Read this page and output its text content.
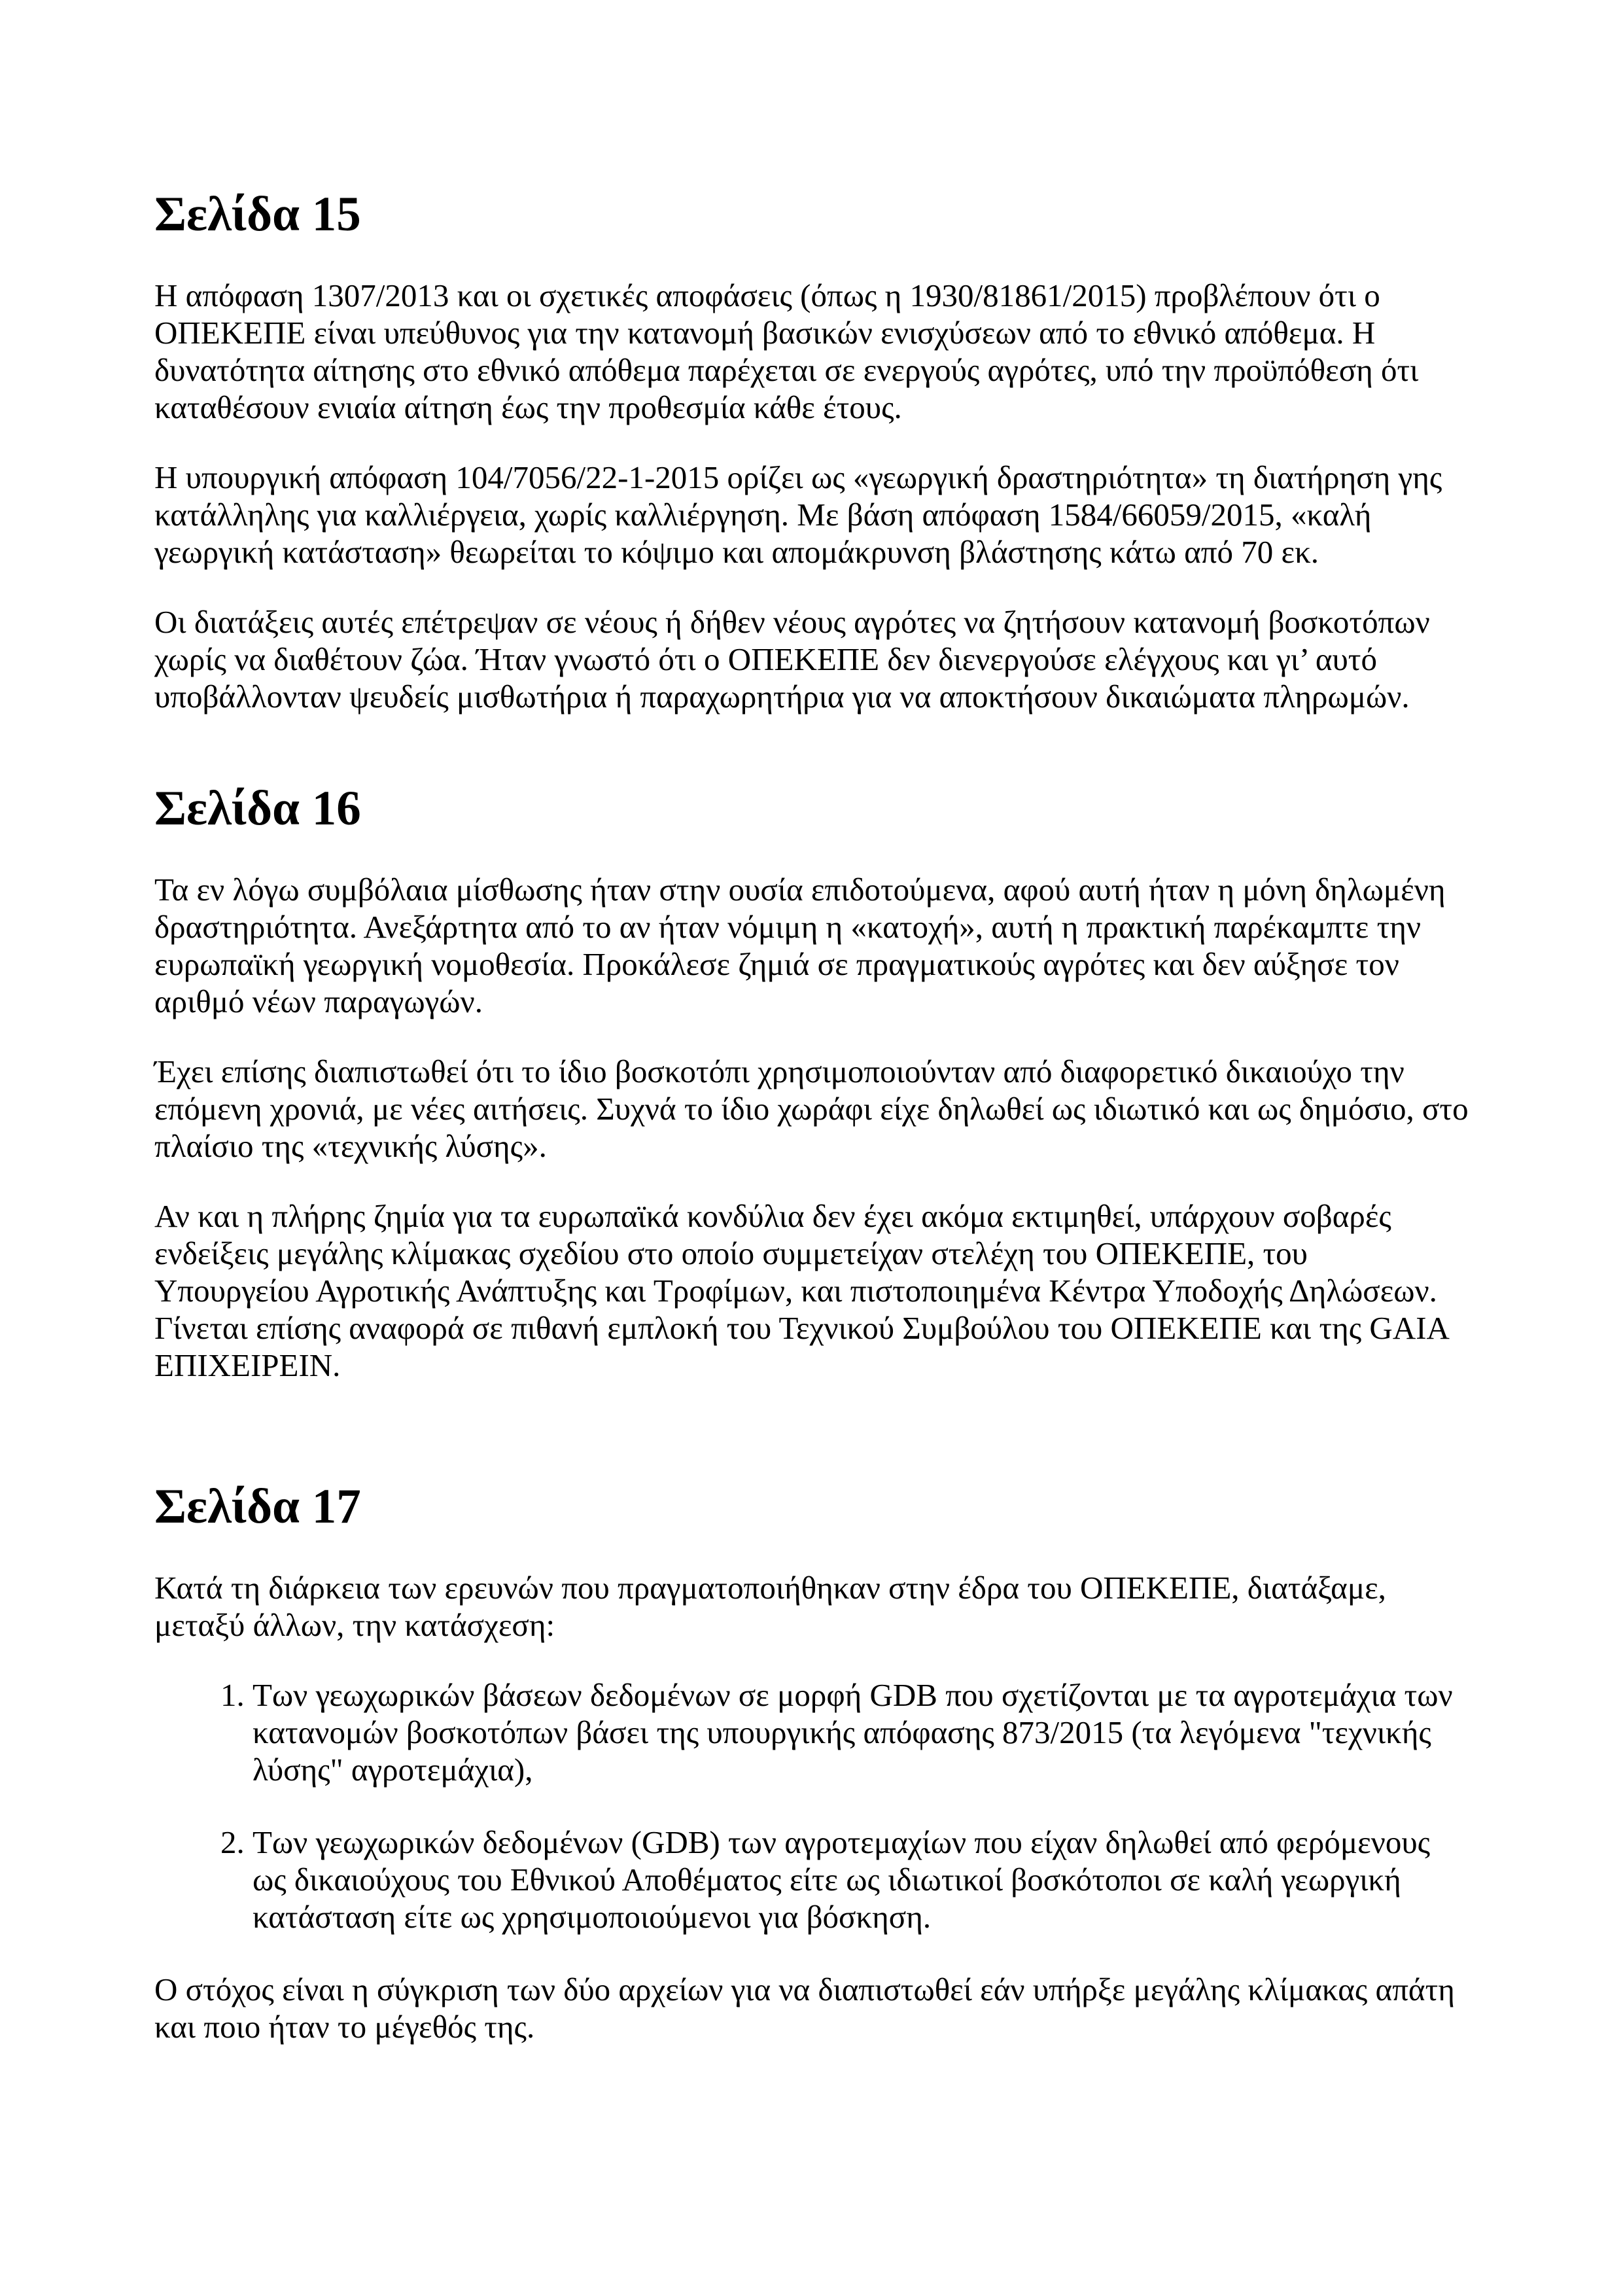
Σελίδα 15

Η απόφαση 1307/2013 και οι σχετικές αποφάσεις (όπως η 1930/81861/2015) προβλέπουν ότι ο ΟΠΕΚΕΠΕ είναι υπεύθυνος για την κατανομή βασικών ενισχύσεων από το εθνικό απόθεμα. Η δυνατότητα αίτησης στο εθνικό απόθεμα παρέχεται σε ενεργούς αγρότες, υπό την προϋπόθεση ότι καταθέσουν ενιαία αίτηση έως την προθεσμία κάθε έτους.

Η υπουργική απόφαση 104/7056/22-1-2015 ορίζει ως «γεωργική δραστηριότητα» τη διατήρηση γης κατάλληλης για καλλιέργεια, χωρίς καλλιέργηση. Με βάση απόφαση 1584/66059/2015, «καλή γεωργική κατάσταση» θεωρείται το κόψιμο και απομάκρυνση βλάστησης κάτω από 70 εκ.

Οι διατάξεις αυτές επέτρεψαν σε νέους ή δήθεν νέους αγρότες να ζητήσουν κατανομή βοσκοτόπων χωρίς να διαθέτουν ζώα. Ήταν γνωστό ότι ο ΟΠΕΚΕΠΕ δεν διενεργούσε ελέγχους και γι’ αυτό υποβάλλονταν ψευδείς μισθωτήρια ή παραχωρητήρια για να αποκτήσουν δικαιώματα πληρωμών.

Σελίδα 16

Τα εν λόγω συμβόλαια μίσθωσης ήταν στην ουσία επιδοτούμενα, αφού αυτή ήταν η μόνη δηλωμένη δραστηριότητα. Ανεξάρτητα από το αν ήταν νόμιμη η «κατοχή», αυτή η πρακτική παρέκαμπτε την ευρωπαϊκή γεωργική νομοθεσία. Προκάλεσε ζημιά σε πραγματικούς αγρότες και δεν αύξησε τον αριθμό νέων παραγωγών.

Έχει επίσης διαπιστωθεί ότι το ίδιο βοσκοτόπι χρησιμοποιούνταν από διαφορετικό δικαιούχο την επόμενη χρονιά, με νέες αιτήσεις. Συχνά το ίδιο χωράφι είχε δηλωθεί ως ιδιωτικό και ως δημόσιο, στο πλαίσιο της «τεχνικής λύσης».

Αν και η πλήρης ζημία για τα ευρωπαϊκά κονδύλια δεν έχει ακόμα εκτιμηθεί, υπάρχουν σοβαρές ενδείξεις μεγάλης κλίμακας σχεδίου στο οποίο συμμετείχαν στελέχη του ΟΠΕΚΕΠΕ, του Υπουργείου Αγροτικής Ανάπτυξης και Τροφίμων, και πιστοποιημένα Κέντρα Υποδοχής Δηλώσεων. Γίνεται επίσης αναφορά σε πιθανή εμπλοκή του Τεχνικού Συμβούλου του ΟΠΕΚΕΠΕ και της GAIA ΕΠΙΧΕΙΡΕΙΝ.

Σελίδα 17

Κατά τη διάρκεια των ερευνών που πραγματοποιήθηκαν στην έδρα του ΟΠΕΚΕΠΕ, διατάξαμε, μεταξύ άλλων, την κατάσχεση:

1. Των γεωχωρικών βάσεων δεδομένων σε μορφή GDB που σχετίζονται με τα αγροτεμάχια των κατανομών βοσκοτόπων βάσει της υπουργικής απόφασης 873/2015 (τα λεγόμενα "τεχνικής λύσης" αγροτεμάχια),
2. Των γεωχωρικών δεδομένων (GDB) των αγροτεμαχίων που είχαν δηλωθεί από φερόμενους ως δικαιούχους του Εθνικού Αποθέματος είτε ως ιδιωτικοί βοσκότοποι σε καλή γεωργική κατάσταση είτε ως χρησιμοποιούμενοι για βόσκηση.

Ο στόχος είναι η σύγκριση των δύο αρχείων για να διαπιστωθεί εάν υπήρξε μεγάλης κλίμακας απάτη και ποιο ήταν το μέγεθός της.
